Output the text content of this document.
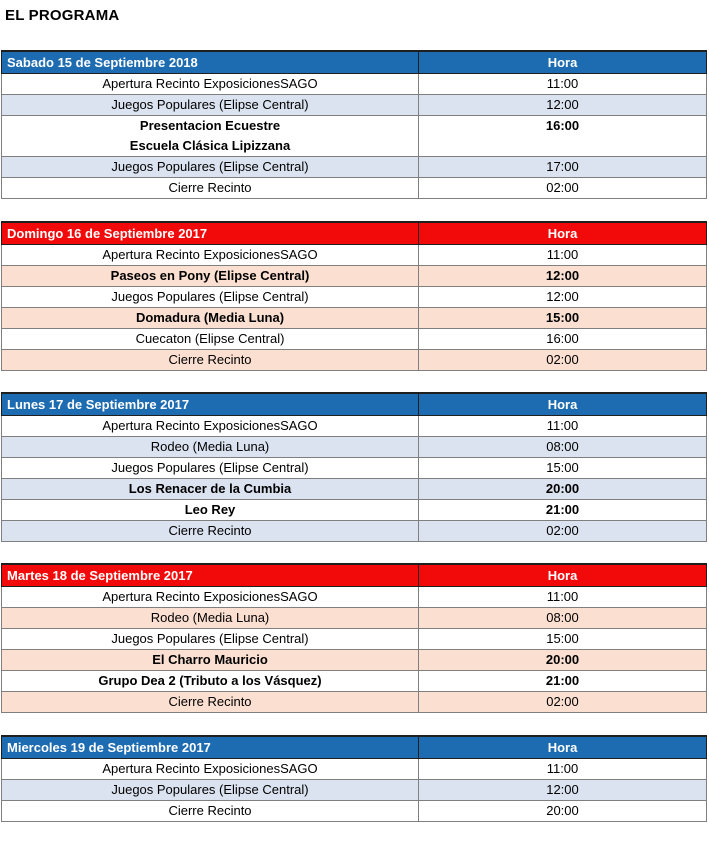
EL PROGRAMA
Sabado 15 de Septiembre 2018	Hora
Apertura Recinto ExposicionesSAGO	11:00
Juegos Populares (Elipse Central)	12:00
Presentacion Ecuestre
Escuela Clásica Lipizzana	16:00
Juegos Populares (Elipse Central)	17:00
Cierre Recinto	02:00
Domingo 16 de Septiembre 2017	Hora
Apertura Recinto ExposicionesSAGO	11:00
Paseos en Pony (Elipse Central)	12:00
Juegos Populares (Elipse Central)	12:00
Domadura (Media Luna)	15:00
Cuecaton (Elipse Central)	16:00
Cierre Recinto	02:00
Lunes 17 de Septiembre 2017	Hora
Apertura Recinto ExposicionesSAGO	11:00
Rodeo (Media Luna)	08:00
Juegos Populares (Elipse Central)	15:00
Los Renacer de la Cumbia	20:00
Leo Rey	21:00
Cierre Recinto	02:00
Martes 18 de Septiembre 2017	Hora
Apertura Recinto ExposicionesSAGO	11:00
Rodeo (Media Luna)	08:00
Juegos Populares (Elipse Central)	15:00
El Charro Mauricio	20:00
Grupo Dea 2 (Tributo a los Vásquez)	21:00
Cierre Recinto	02:00
Miercoles 19 de Septiembre 2017	Hora
Apertura Recinto ExposicionesSAGO	11:00
Juegos Populares (Elipse Central)	12:00
Cierre Recinto	20:00
